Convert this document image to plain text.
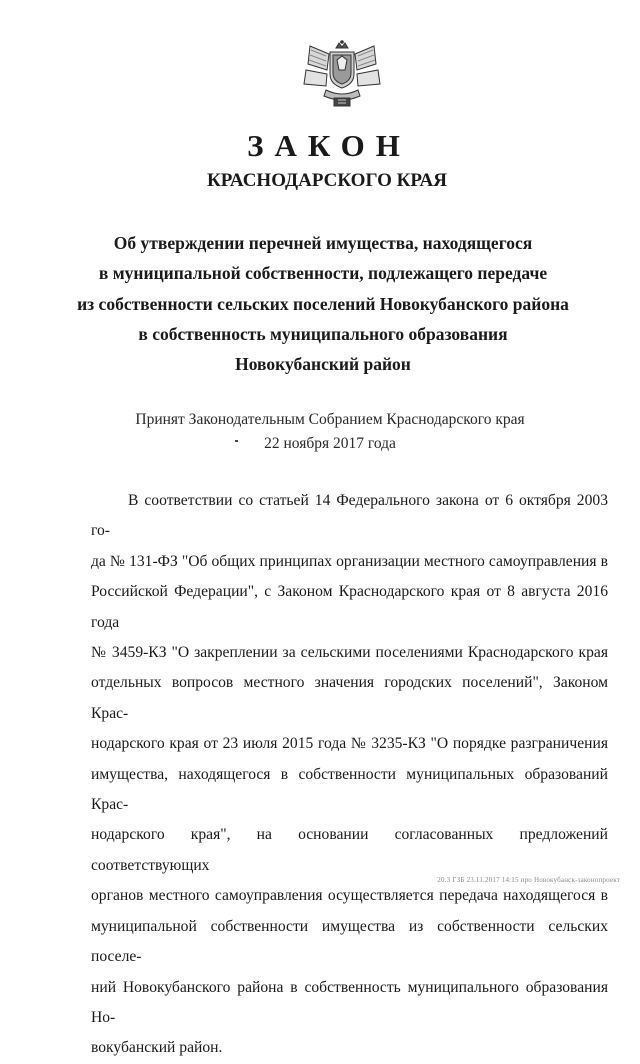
ЗАКОН
КРАСНОДАРСКОГО КРАЯ
Об утверждении перечней имущества, находящегося
в муниципальной собственности, подлежащего передаче
из собственности сельских поселений Новокубанского района
в собственность муниципального образования
Новокубанский район
Принят Законодательным Собранием Краснодарского края
22 ноября 2017 года
В соответствии со статьей 14 Федерального закона от 6 октября 2003 го-
да № 131-ФЗ "Об общих принципах организации местного самоуправления в
Российской Федерации", с Законом Краснодарского края от 8 августа 2016 года
№ 3459-КЗ "О закреплении за сельскими поселениями Краснодарского края
отдельных вопросов местного значения городских поселений", Законом Крас-
нодарского края от 23 июля 2015 года № 3235-КЗ "О порядке разграничения
имущества, находящегося в собственности муниципальных образований Крас-
нодарского края", на основании согласованных предложений соответствующих
органов местного самоуправления осуществляется передача находящегося в
муниципальной собственности имущества из собственности сельских поселе-
ний Новокубанского района в собственность муниципального образования Но-
вокубанский район.
20.3 ГЗБ 23.11.2017 14:15 про Новокубанск-законопроект
